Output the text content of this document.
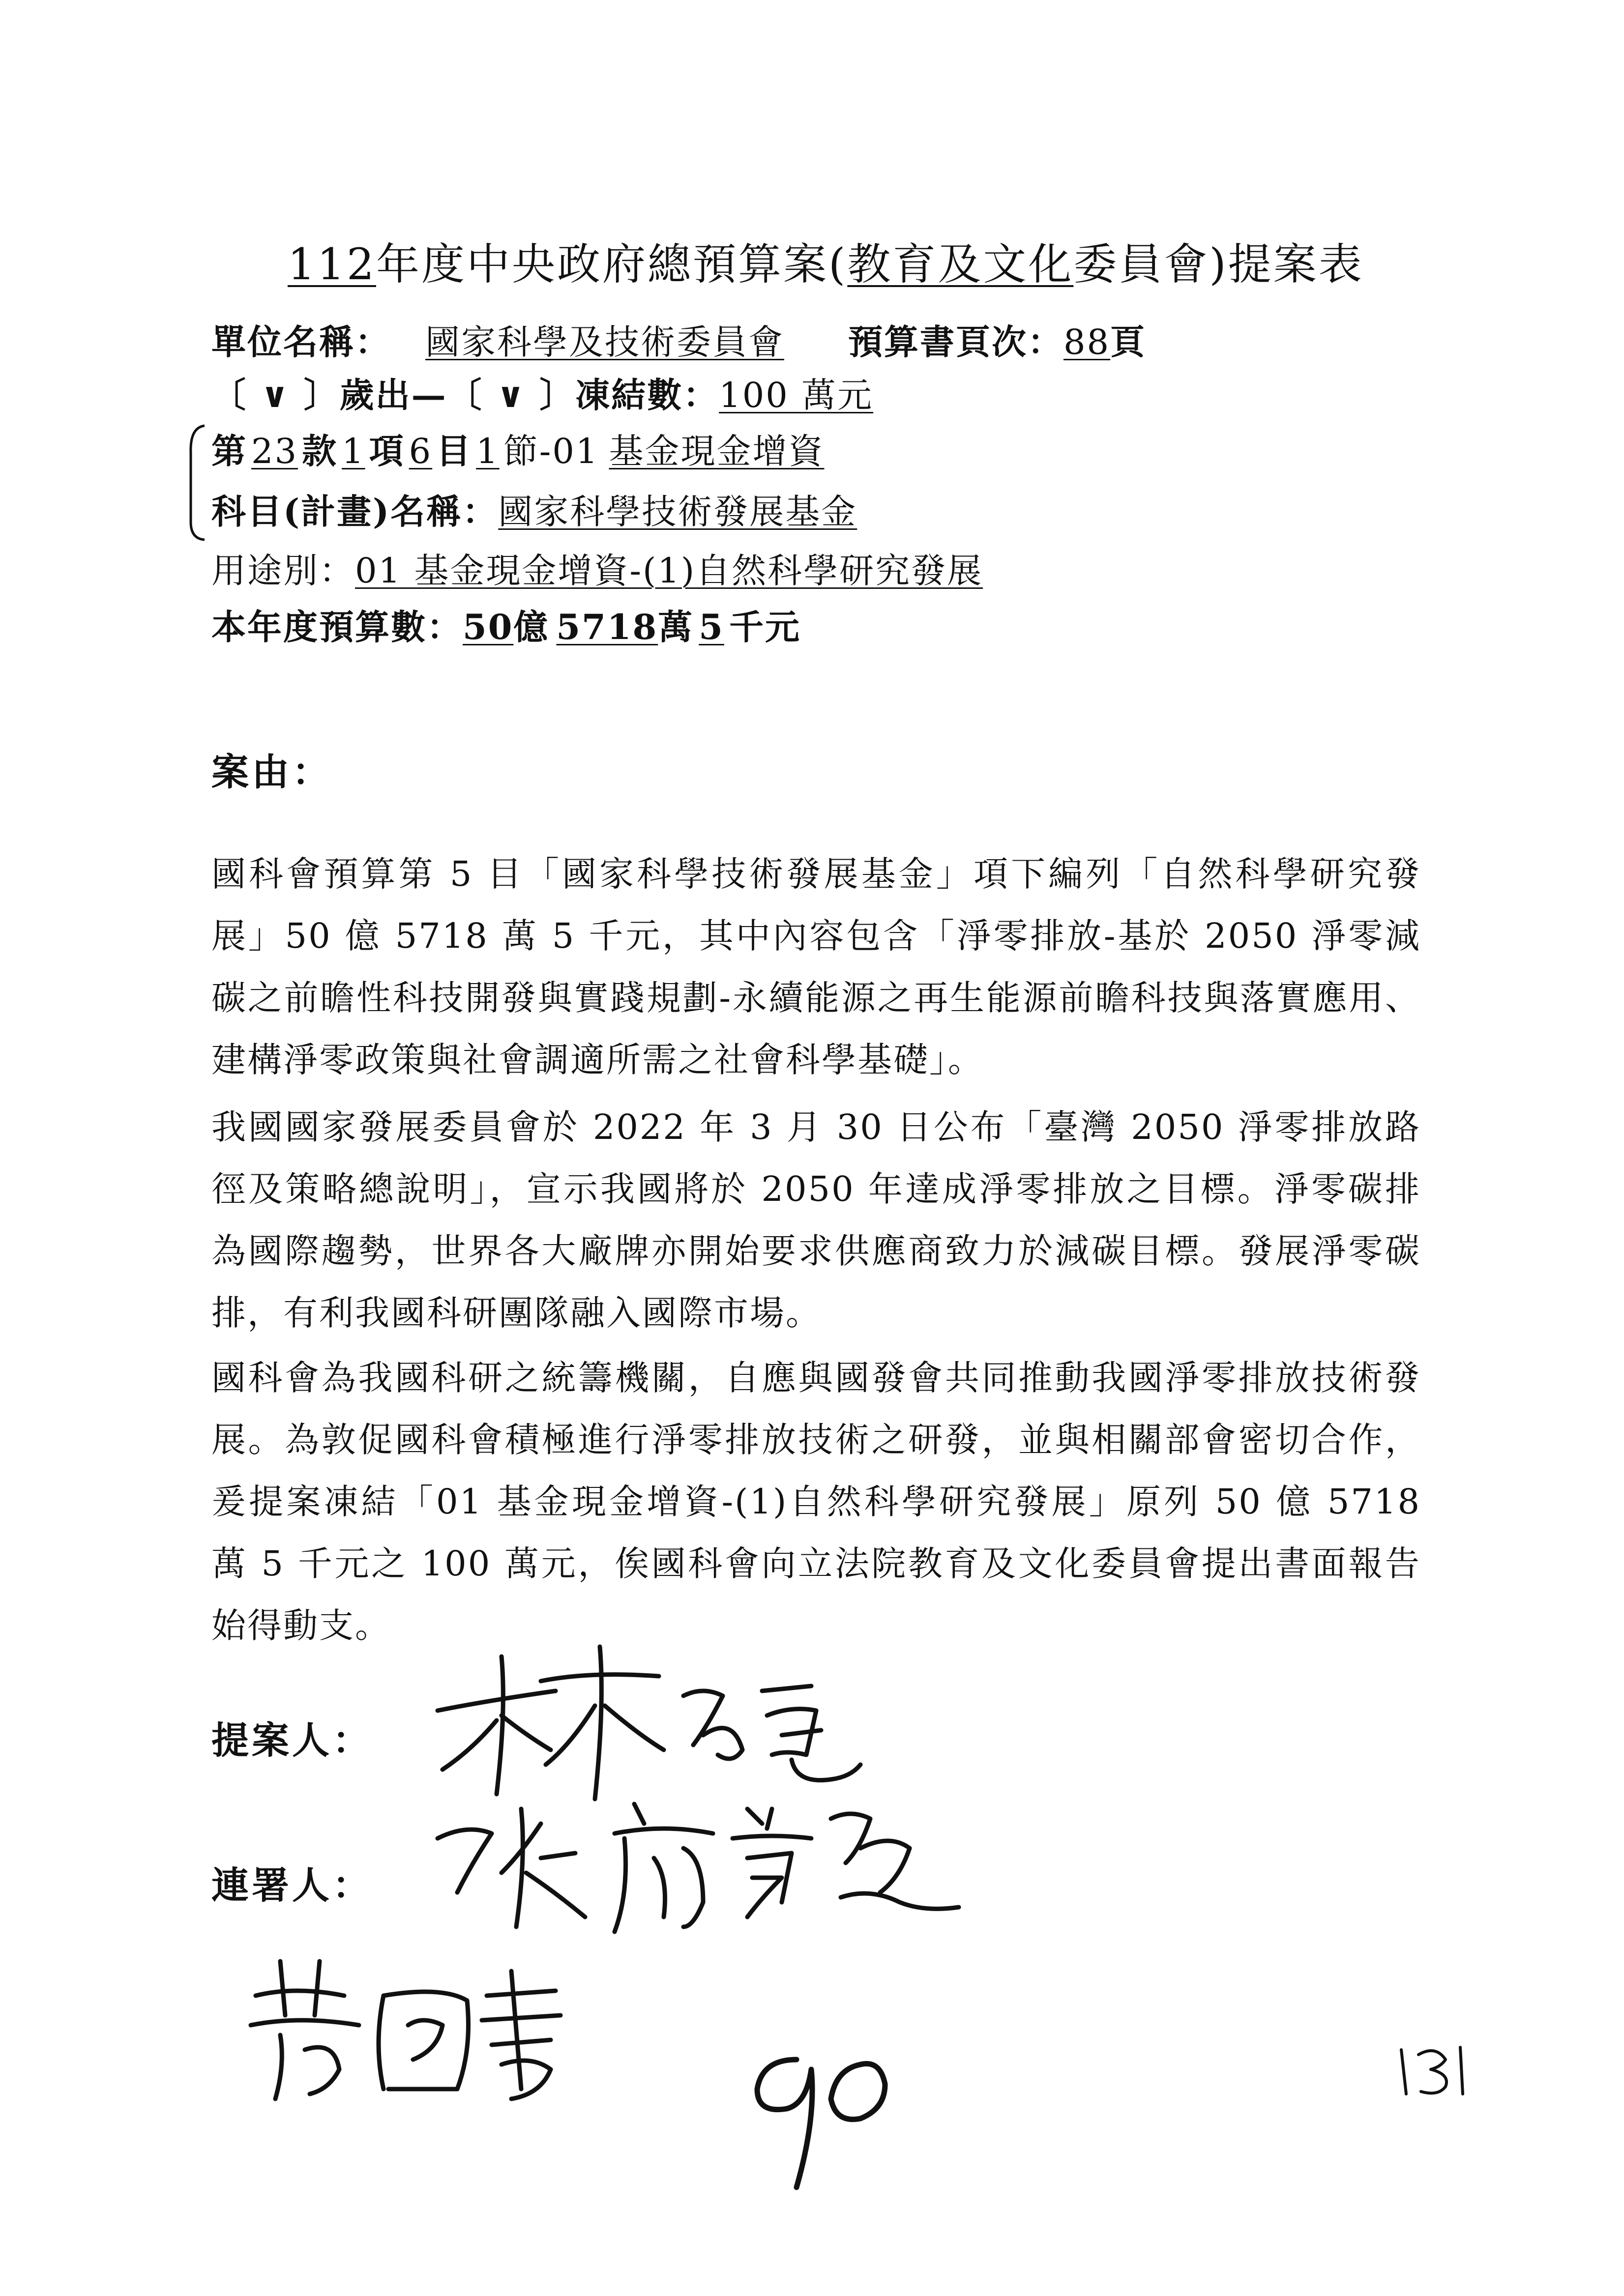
112年度中央政府總預算案(教育及文化委員會)提案表
單位名稱： 國家科學及技術委員會 預算書頁次：88頁
〔 ∨ 〕歲出—〔 ∨ 〕凍結數：100 萬元
第 23 款 1 項 6 目 1 節-01 基金現金增資
科目(計畫)名稱：國家科學技術發展基金
用途別：01 基金現金增資-(1)自然科學研究發展
本年度預算數：50億 5718萬 5 千元
案由：
國科會預算第 5 目「國家科學技術發展基金」項下編列「自然科學研究發展」50 億 5718 萬 5 千元，其中內容包含「淨零排放-基於 2050 淨零減碳之前瞻性科技開發與實踐規劃-永續能源之再生能源前瞻科技與落實應用、建構淨零政策與社會調適所需之社會科學基礎」。
我國國家發展委員會於 2022 年 3 月 30 日公布「臺灣 2050 淨零排放路徑及策略總說明」，宣示我國將於 2050 年達成淨零排放之目標。淨零碳排為國際趨勢，世界各大廠牌亦開始要求供應商致力於減碳目標。發展淨零碳排，有利我國科研團隊融入國際市場。
國科會為我國科研之統籌機關，自應與國發會共同推動我國淨零排放技術發展。為敦促國科會積極進行淨零排放技術之研發，並與相關部會密切合作，爰提案凍結「01 基金現金增資-(1)自然科學研究發展」原列 50 億 5718 萬 5 千元之 100 萬元，俟國科會向立法院教育及文化委員會提出書面報告始得動支。
提案人：
連署人：
